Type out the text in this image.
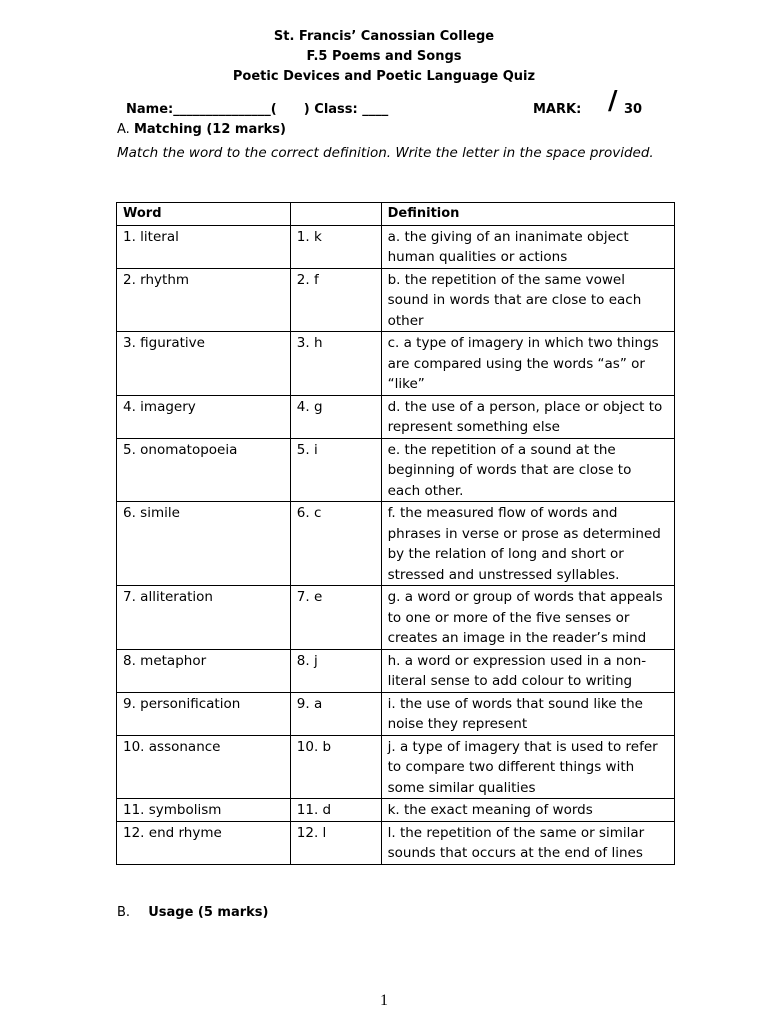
St. Francis’ Canossian College
F.5 Poems and Songs
Poetic Devices and Poetic Language Quiz
Name:_______________(      ) Class: ____	MARK: / 30
A. Matching (12 marks)
Match the word to the correct definition. Write the letter in the space provided.
Word		Definition
1. literal	1. k	a. the giving of an inanimate object human qualities or actions
2. rhythm	2. f	b. the repetition of the same vowel sound in words that are close to each other
3. figurative	3. h	c. a type of imagery in which two things are compared using the words “as” or “like”
4. imagery	4. g	d. the use of a person, place or object to represent something else
5. onomatopoeia	5. i	e. the repetition of a sound at the beginning of words that are close to each other.
6. simile	6. c	f. the measured flow of words and phrases in verse or prose as determined by the relation of long and short or stressed and unstressed syllables.
7. alliteration	7. e	g. a word or group of words that appeals to one or more of the five senses or creates an image in the reader’s mind
8. metaphor	8. j	h. a word or expression used in a non-literal sense to add colour to writing
9. personification	9. a	i. the use of words that sound like the noise they represent
10. assonance	10. b	j. a type of imagery that is used to refer to compare two different things with some similar qualities
11. symbolism	11. d	k. the exact meaning of words
12. end rhyme	12. l	l. the repetition of the same or similar sounds that occurs at the end of lines
B. Usage (5 marks)
1
